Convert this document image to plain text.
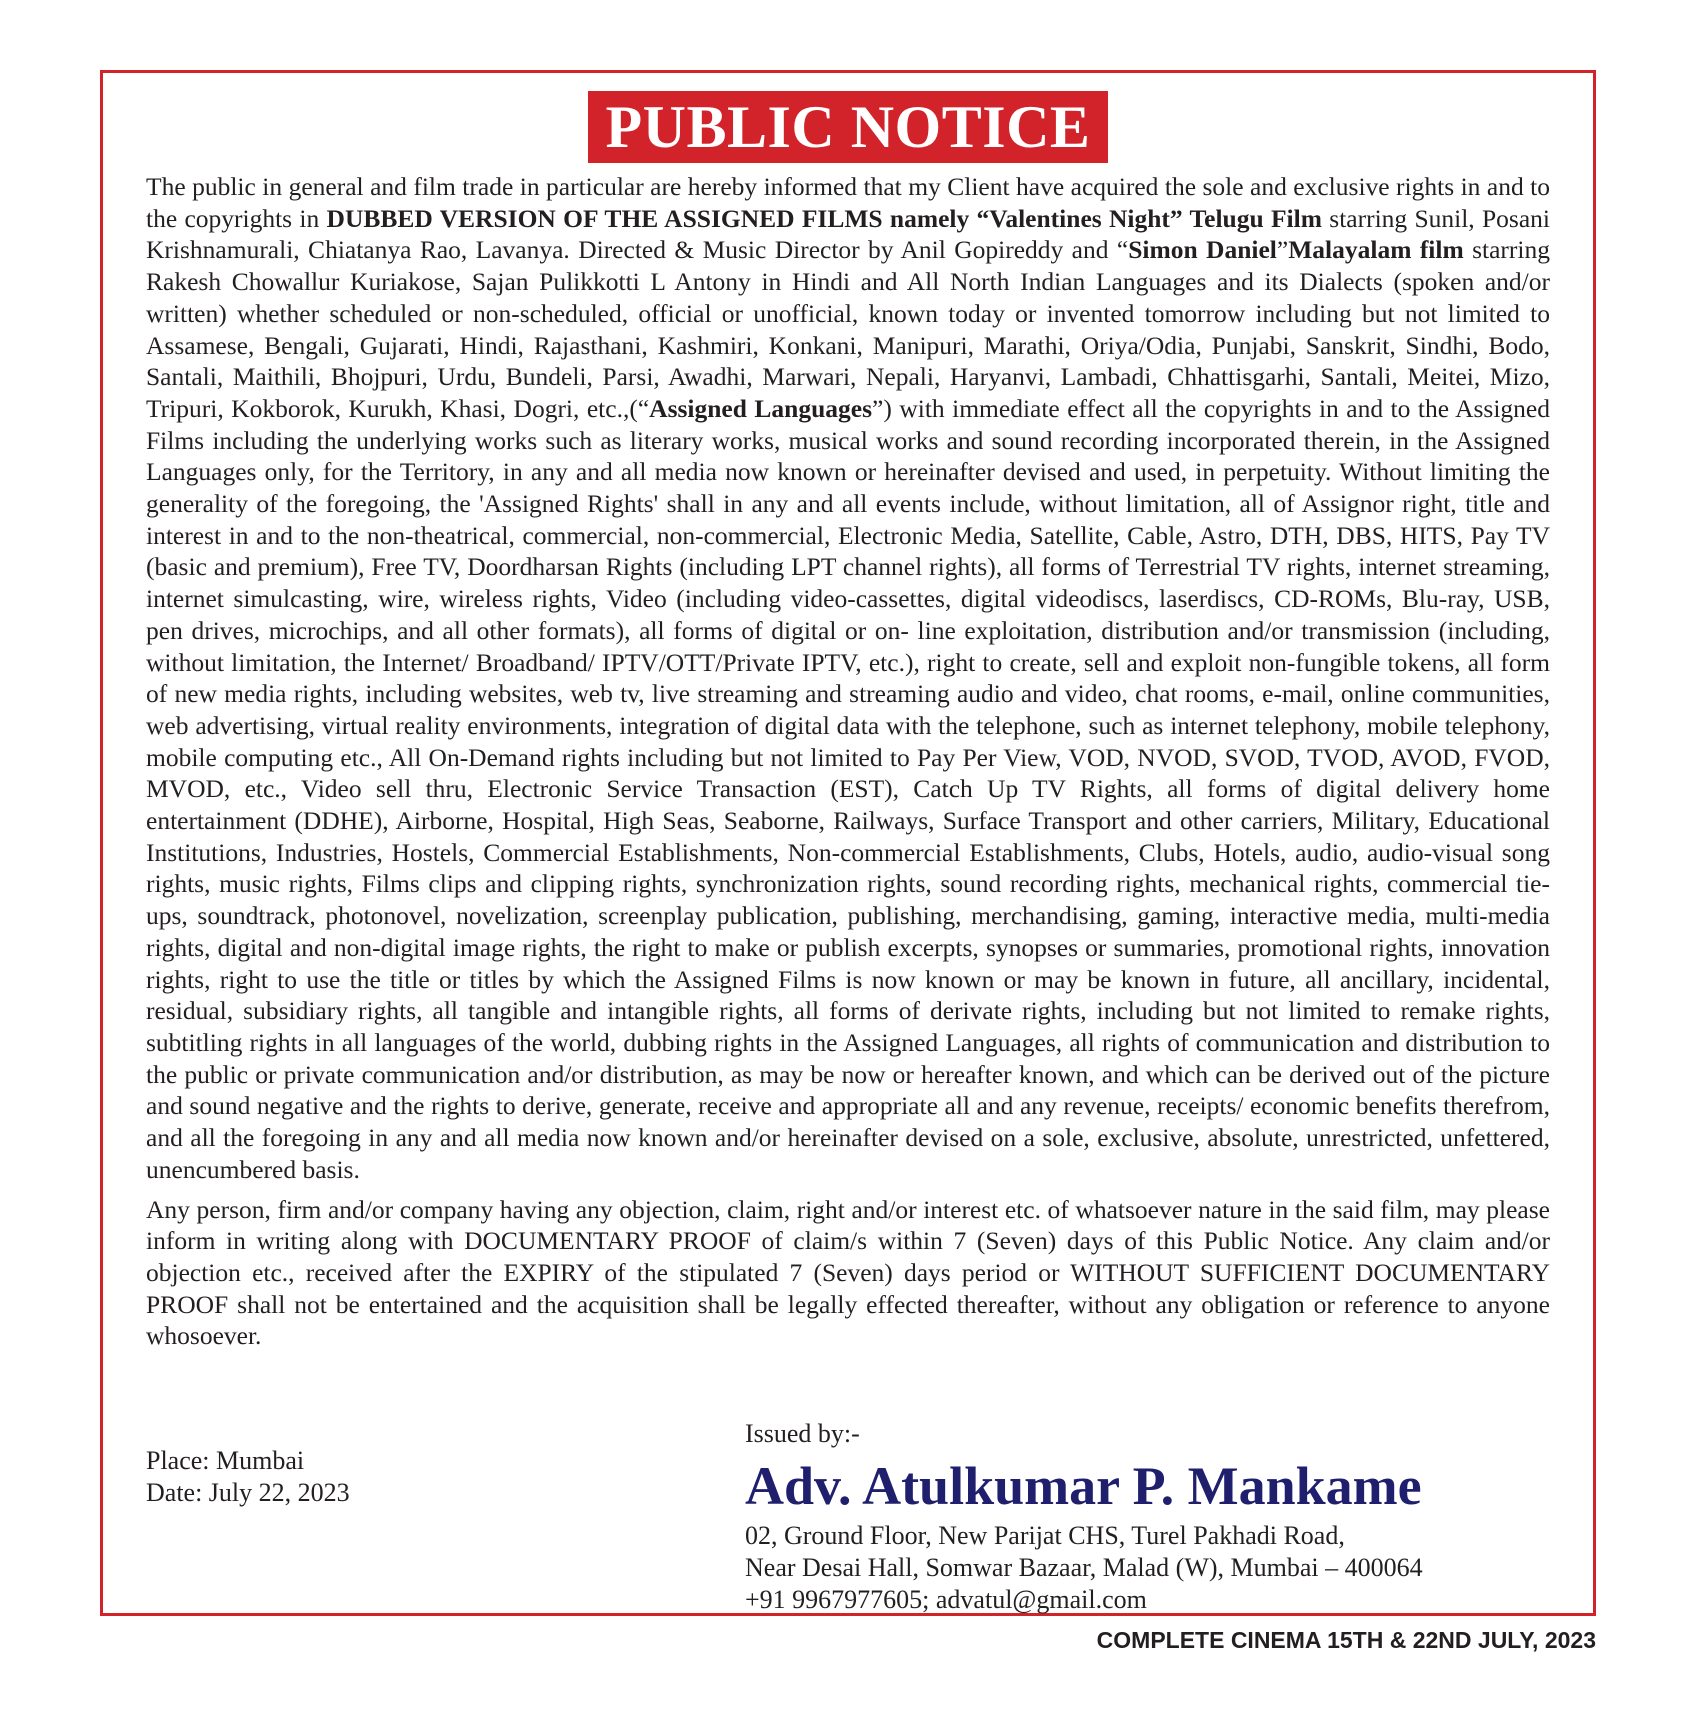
PUBLIC NOTICE

The public in general and film trade in particular are hereby informed that my Client have acquired the sole and exclusive rights in and to the copyrights in DUBBED VERSION OF THE ASSIGNED FILMS namely “Valentines Night” Telugu Film starring Sunil, Posani Krishnamurali, Chiatanya Rao, Lavanya. Directed & Music Director by Anil Gopireddy and “Simon Daniel”Malayalam film starring Rakesh Chowallur Kuriakose, Sajan Pulikkotti L Antony in Hindi and All North Indian Languages and its Dialects (spoken and/or written) whether scheduled or non-scheduled, official or unofficial, known today or invented tomorrow including but not limited to Assamese, Bengali, Gujarati, Hindi, Rajasthani, Kashmiri, Konkani, Manipuri, Marathi, Oriya/Odia, Punjabi, Sanskrit, Sindhi, Bodo, Santali, Maithili, Bhojpuri, Urdu, Bundeli, Parsi, Awadhi, Marwari, Nepali, Haryanvi, Lambadi, Chhattisgarhi, Santali, Meitei, Mizo, Tripuri, Kokborok, Kurukh, Khasi, Dogri, etc.,(“Assigned Languages”) with immediate effect all the copyrights in and to the Assigned Films including the underlying works such as literary works, musical works and sound recording incorporated therein, in the Assigned Languages only, for the Territory, in any and all media now known or hereinafter devised and used, in perpetuity. Without limiting the generality of the foregoing, the 'Assigned Rights' shall in any and all events include, without limitation, all of Assignor right, title and interest in and to the non-theatrical, commercial, non-commercial, Electronic Media, Satellite, Cable, Astro, DTH, DBS, HITS, Pay TV (basic and premium), Free TV, Doordharsan Rights (including LPT channel rights), all forms of Terrestrial TV rights, internet streaming, internet simulcasting, wire, wireless rights, Video (including video-cassettes, digital videodiscs, laserdiscs, CD-ROMs, Blu-ray, USB, pen drives, microchips, and all other formats), all forms of digital or on- line exploitation, distribution and/or transmission (including, without limitation, the Internet/ Broadband/ IPTV/OTT/Private IPTV, etc.), right to create, sell and exploit non-fungible tokens, all form of new media rights, including websites, web tv, live streaming and streaming audio and video, chat rooms, e-mail, online communities, web advertising, virtual reality environments, integration of digital data with the telephone, such as internet telephony, mobile telephony, mobile computing etc., All On-Demand rights including but not limited to Pay Per View, VOD, NVOD, SVOD, TVOD, AVOD, FVOD, MVOD, etc., Video sell thru, Electronic Service Transaction (EST), Catch Up TV Rights, all forms of digital delivery home entertainment (DDHE), Airborne, Hospital, High Seas, Seaborne, Railways, Surface Transport and other carriers, Military, Educational Institutions, Industries, Hostels, Commercial Establishments, Non-commercial Establishments, Clubs, Hotels, audio, audio-visual song rights, music rights, Films clips and clipping rights, synchronization rights, sound recording rights, mechanical rights, commercial tie-ups, soundtrack, photonovel, novelization, screenplay publication, publishing, merchandising, gaming, interactive media, multi-media rights, digital and non-digital image rights, the right to make or publish excerpts, synopses or summaries, promotional rights, innovation rights, right to use the title or titles by which the Assigned Films is now known or may be known in future, all ancillary, incidental, residual, subsidiary rights, all tangible and intangible rights, all forms of derivate rights, including but not limited to remake rights, subtitling rights in all languages of the world, dubbing rights in the Assigned Languages, all rights of communication and distribution to the public or private communication and/or distribution, as may be now or hereafter known, and which can be derived out of the picture and sound negative and the rights to derive, generate, receive and appropriate all and any revenue, receipts/ economic benefits therefrom, and all the foregoing in any and all media now known and/or hereinafter devised on a sole, exclusive, absolute, unrestricted, unfettered, unencumbered basis.

Any person, firm and/or company having any objection, claim, right and/or interest etc. of whatsoever nature in the said film, may please inform in writing along with DOCUMENTARY PROOF of claim/s within 7 (Seven) days of this Public Notice. Any claim and/or objection etc., received after the EXPIRY of the stipulated 7 (Seven) days period or WITHOUT SUFFICIENT DOCUMENTARY PROOF shall not be entertained and the acquisition shall be legally effected thereafter, without any obligation or reference to anyone whosoever.

Place: Mumbai
Date: July 22, 2023
Issued by:-
Adv. Atulkumar P. Mankame
02, Ground Floor, New Parijat CHS, Turel Pakhadi Road,
Near Desai Hall, Somwar Bazaar, Malad (W), Mumbai – 400064
+91 9967977605; advatul@gmail.com
COMPLETE CINEMA 15TH & 22ND JULY, 2023
